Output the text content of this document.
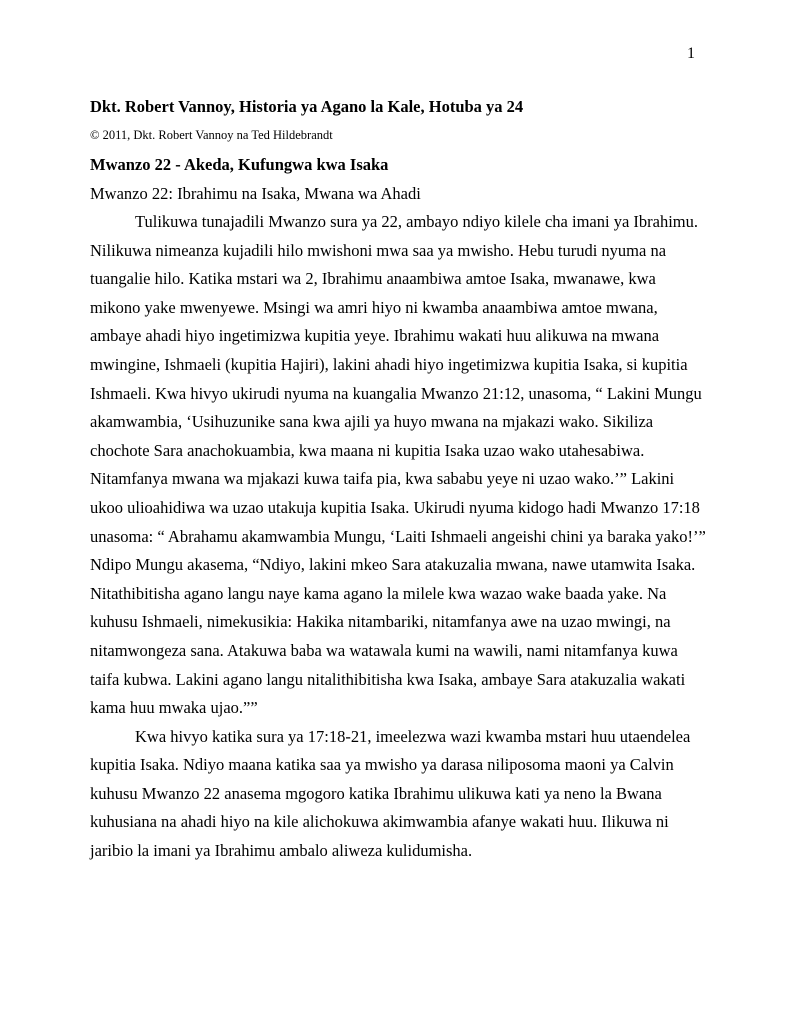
1

Dkt. Robert Vannoy, Historia ya Agano la Kale, Hotuba ya 24

© 2011, Dkt. Robert Vannoy na Ted Hildebrandt

Mwanzo 22 - Akeda, Kufungwa kwa Isaka

Mwanzo 22: Ibrahimu na Isaka, Mwana wa Ahadi

Tulikuwa tunajadili Mwanzo sura ya 22, ambayo ndiyo kilele cha imani ya Ibrahimu. Nilikuwa nimeanza kujadili hilo mwishoni mwa saa ya mwisho. Hebu turudi nyuma na tuangalie hilo. Katika mstari wa 2, Ibrahimu anaambiwa amtoe Isaka, mwanawe, kwa mikono yake mwenyewe. Msingi wa amri hiyo ni kwamba anaambiwa amtoe mwana, ambaye ahadi hiyo ingetimizwa kupitia yeye. Ibrahimu wakati huu alikuwa na mwana mwingine, Ishmaeli (kupitia Hajiri), lakini ahadi hiyo ingetimizwa kupitia Isaka, si kupitia Ishmaeli. Kwa hivyo ukirudi nyuma na kuangalia Mwanzo 21:12, unasoma, “ Lakini Mungu akamwambia, ‘Usihuzunike sana kwa ajili ya huyo mwana na mjakazi wako. Sikiliza chochote Sara anachokuambia, kwa maana ni kupitia Isaka uzao wako utahesabiwa. Nitamfanya mwana wa mjakazi kuwa taifa pia, kwa sababu yeye ni uzao wako.’” Lakini ukoo ulioahidiwa wa uzao utakuja kupitia Isaka. Ukirudi nyuma kidogo hadi Mwanzo 17:18 unasoma: “ Abrahamu akamwambia Mungu, ‘Laiti Ishmaeli angeishi chini ya baraka yako!’” Ndipo Mungu akasema, “Ndiyo, lakini mkeo Sara atakuzalia mwana, nawe utamwita Isaka. Nitathibitisha agano langu naye kama agano la milele kwa wazao wake baada yake. Na kuhusu Ishmaeli, nimekusikia: Hakika nitambariki, nitamfanya awe na uzao mwingi, na nitamwongeza sana. Atakuwa baba wa watawala kumi na wawili, nami nitamfanya kuwa taifa kubwa. Lakini agano langu nitalithibitisha kwa Isaka, ambaye Sara atakuzalia wakati kama huu mwaka ujao.””

Kwa hivyo katika sura ya 17:18-21, imeelezwa wazi kwamba mstari huu utaendelea kupitia Isaka. Ndiyo maana katika saa ya mwisho ya darasa niliposoma maoni ya Calvin kuhusu Mwanzo 22 anasema mgogoro katika Ibrahimu ulikuwa kati ya neno la Bwana kuhusiana na ahadi hiyo na kile alichokuwa akimwambia afanye wakati huu. Ilikuwa ni jaribio la imani ya Ibrahimu ambalo aliweza kulidumisha.
